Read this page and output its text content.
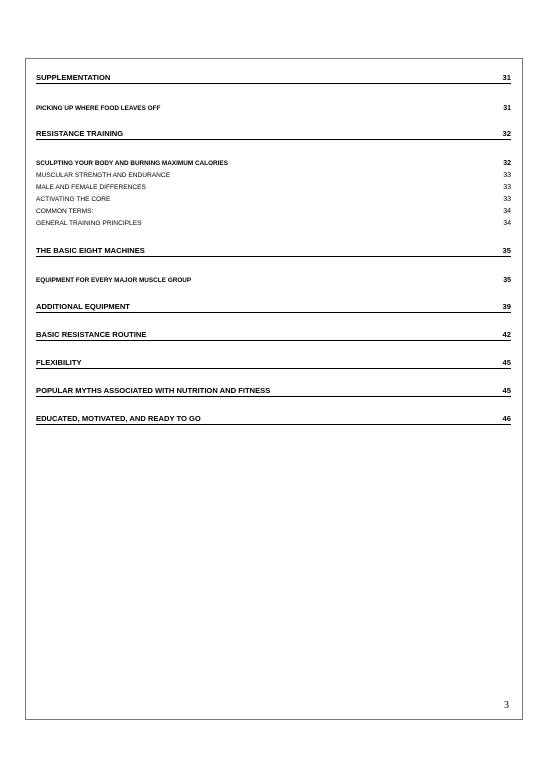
SUPPLEMENTATION	31
PICKING UP WHERE FOOD LEAVES OFF	31
RESISTANCE TRAINING	32
SCULPTING YOUR BODY AND BURNING MAXIMUM CALORIES	32
MUSCULAR STRENGTH AND ENDURANCE	33
MALE AND FEMALE DIFFERENCES	33
ACTIVATING THE CORE	33
COMMON TERMS:	34
GENERAL TRAINING PRINCIPLES	34
THE BASIC EIGHT MACHINES	35
EQUIPMENT FOR EVERY MAJOR MUSCLE GROUP	35
ADDITIONAL EQUIPMENT	39
BASIC RESISTANCE ROUTINE	42
FLEXIBILITY	45
POPULAR MYTHS ASSOCIATED WITH NUTRITION AND FITNESS	45
EDUCATED, MOTIVATED, AND READY TO GO	46
3
